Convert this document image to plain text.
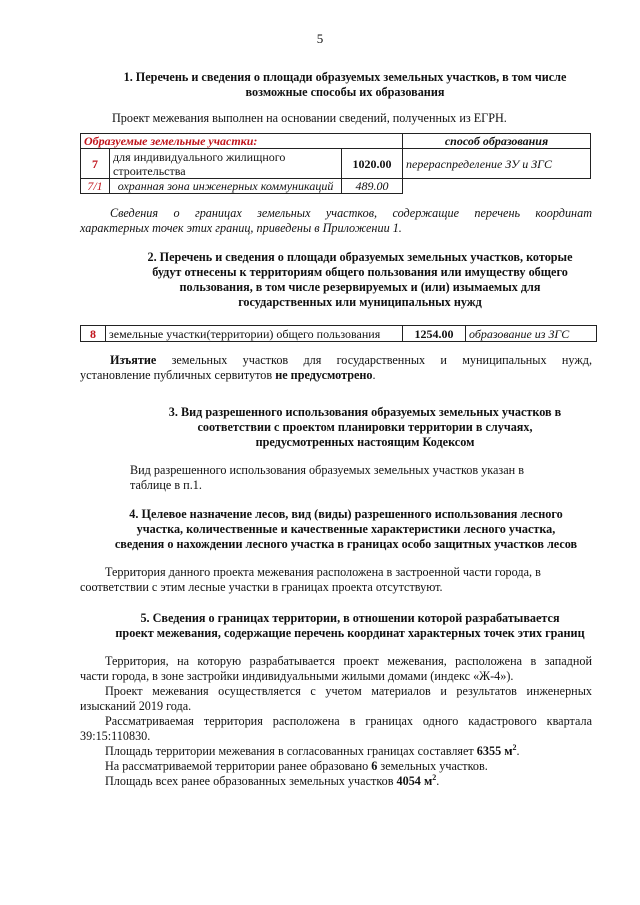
5
1. Перечень и сведения о площади образуемых земельных участков, в том числе
возможные способы их образования
Проект межевания выполнен на основании сведений, полученных из ЕГРН.
Образуемые земельные участки:			способ образования
7	для индивидуального жилищного строительства	1020.00	перераспределение ЗУ и ЗГС
7/1	охранная зона инженерных коммуникаций	489.00	
Сведения о границах земельных участков, содержащие перечень координат
характерных точек этих границ, приведены в Приложении 1.
2. Перечень и сведения о площади образуемых земельных участков, которые
будут отнесены к территориям общего пользования или имуществу общего
пользования, в том числе резервируемых и (или) изымаемых для
государственных или муниципальных нужд
8	земельные участки(территории) общего пользования	1254.00	образование из ЗГС
Изъятие земельных участков для государственных и муниципальных нужд,
установление публичных сервитутов не предусмотрено.
3. Вид разрешенного использования образуемых земельных участков в
соответствии с проектом планировки территории в случаях,
предусмотренных настоящим Кодексом
Вид разрешенного использования образуемых земельных участков указан в
таблице в п.1.
4. Целевое назначение лесов, вид (виды) разрешенного использования лесного
участка, количественные и качественные характеристики лесного участка,
сведения о нахождении лесного участка в границах особо защитных участков лесов
Территория данного проекта межевания расположена в застроенной части города, в
соответствии с этим лесные участки в границах проекта отсутствуют.
5. Сведения о границах территории, в отношении которой разрабатывается
проект межевания, содержащие перечень координат характерных точек этих границ
Территория, на которую разрабатывается проект межевания, расположена в западной
части города, в зоне застройки индивидуальными жилыми домами (индекс «Ж-4»).
Проект межевания осуществляется с учетом материалов и результатов инженерных
изысканий 2019 года.
Рассматриваемая территория расположена в границах одного кадастрового квартала
39:15:110830.
Площадь территории межевания в согласованных границах составляет 6355 $м^2$.
На рассматриваемой территории ранее образовано 6 земельных участков.
Площадь всех ранее образованных земельных участков 4054 $м^2$.
